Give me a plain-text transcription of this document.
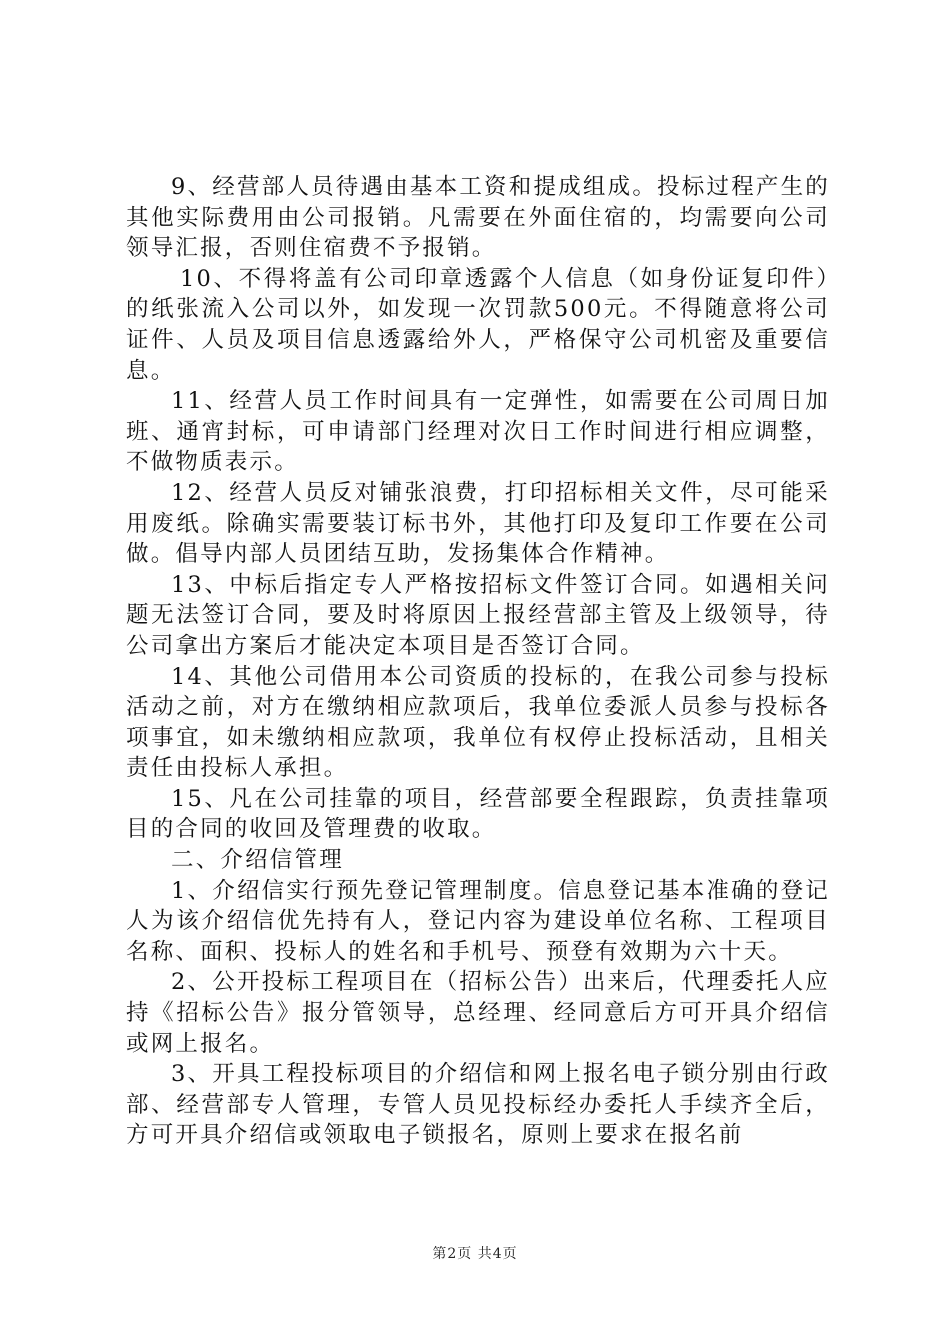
9、经营部人员待遇由基本工资和提成组成。投标过程产生的其他实际费用由公司报销。凡需要在外面住宿的，均需要向公司领导汇报，否则住宿费不予报销。

10、不得将盖有公司印章透露个人信息（如身份证复印件）的纸张流入公司以外，如发现一次罚款500元。不得随意将公司证件、人员及项目信息透露给外人，严格保守公司机密及重要信息。

11、经营人员工作时间具有一定弹性，如需要在公司周日加班、通宵封标，可申请部门经理对次日工作时间进行相应调整，不做物质表示。

12、经营人员反对铺张浪费，打印招标相关文件，尽可能采用废纸。除确实需要装订标书外，其他打印及复印工作要在公司做。倡导内部人员团结互助，发扬集体合作精神。

13、中标后指定专人严格按招标文件签订合同。如遇相关问题无法签订合同，要及时将原因上报经营部主管及上级领导，待公司拿出方案后才能决定本项目是否签订合同。

14、其他公司借用本公司资质的投标的，在我公司参与投标活动之前，对方在缴纳相应款项后，我单位委派人员参与投标各项事宜，如未缴纳相应款项，我单位有权停止投标活动，且相关责任由投标人承担。

15、凡在公司挂靠的项目，经营部要全程跟踪，负责挂靠项目的合同的收回及管理费的收取。

二、介绍信管理

1、介绍信实行预先登记管理制度。信息登记基本准确的登记人为该介绍信优先持有人，登记内容为建设单位名称、工程项目名称、面积、投标人的姓名和手机号、预登有效期为六十天。

2、公开投标工程项目在（招标公告）出来后，代理委托人应持《招标公告》报分管领导，总经理、经同意后方可开具介绍信或网上报名。

3、开具工程投标项目的介绍信和网上报名电子锁分别由行政部、经营部专人管理，专管人员见投标经办委托人手续齐全后，方可开具介绍信或领取电子锁报名，原则上要求在报名前

第2页 共4页
